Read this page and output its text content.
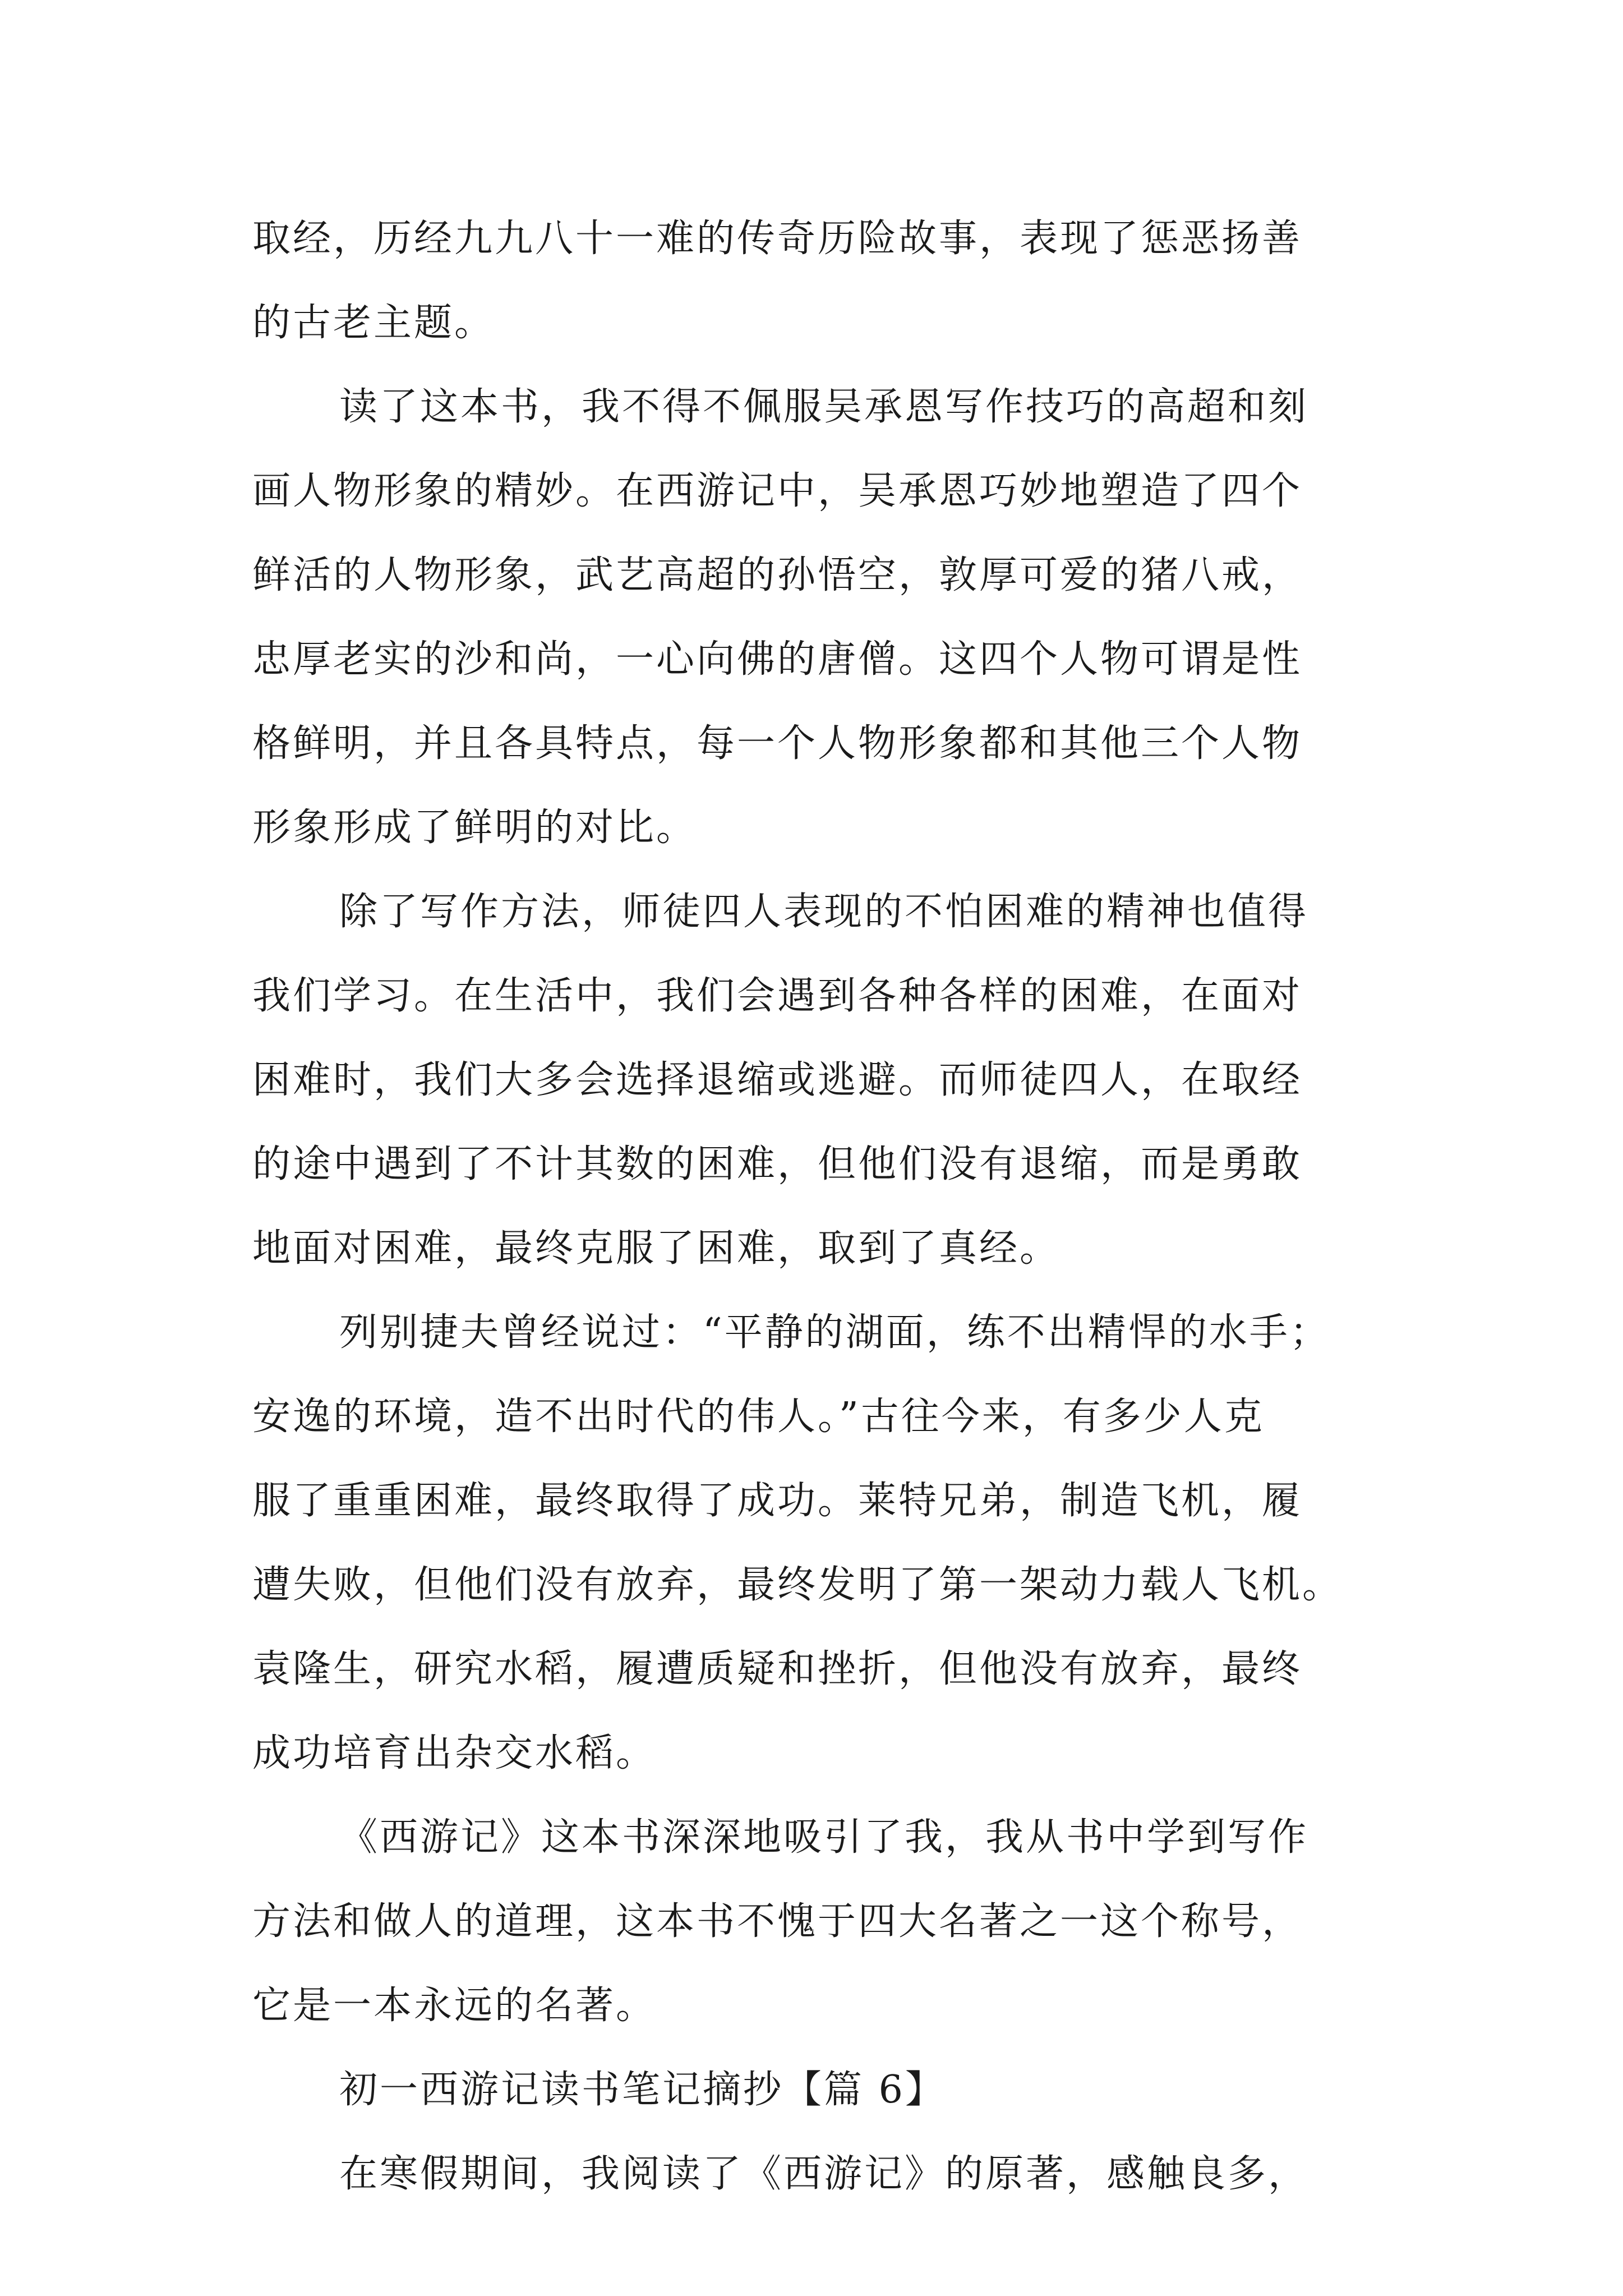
取经，历经九九八十一难的传奇历险故事，表现了惩恶扬善
的古老主题。
读了这本书，我不得不佩服吴承恩写作技巧的高超和刻
画人物形象的精妙。在西游记中，吴承恩巧妙地塑造了四个
鲜活的人物形象，武艺高超的孙悟空，敦厚可爱的猪八戒，
忠厚老实的沙和尚，一心向佛的唐僧。这四个人物可谓是性
格鲜明，并且各具特点，每一个人物形象都和其他三个人物
形象形成了鲜明的对比。
除了写作方法，师徒四人表现的不怕困难的精神也值得
我们学习。在生活中，我们会遇到各种各样的困难，在面对
困难时，我们大多会选择退缩或逃避。而师徒四人，在取经
的途中遇到了不计其数的困难，但他们没有退缩，而是勇敢
地面对困难，最终克服了困难，取到了真经。
列别捷夫曾经说过：“平静的湖面，练不出精悍的水手；
安逸的环境，造不出时代的伟人。”古往今来，有多少人克
服了重重困难，最终取得了成功。莱特兄弟，制造飞机，履
遭失败，但他们没有放弃，最终发明了第一架动力载人飞机。
袁隆生，研究水稻，履遭质疑和挫折，但他没有放弃，最终
成功培育出杂交水稻。
《西游记》这本书深深地吸引了我，我从书中学到写作
方法和做人的道理，这本书不愧于四大名著之一这个称号，
它是一本永远的名著。
初一西游记读书笔记摘抄【篇 6】
在寒假期间，我阅读了《西游记》的原著，感触良多，
